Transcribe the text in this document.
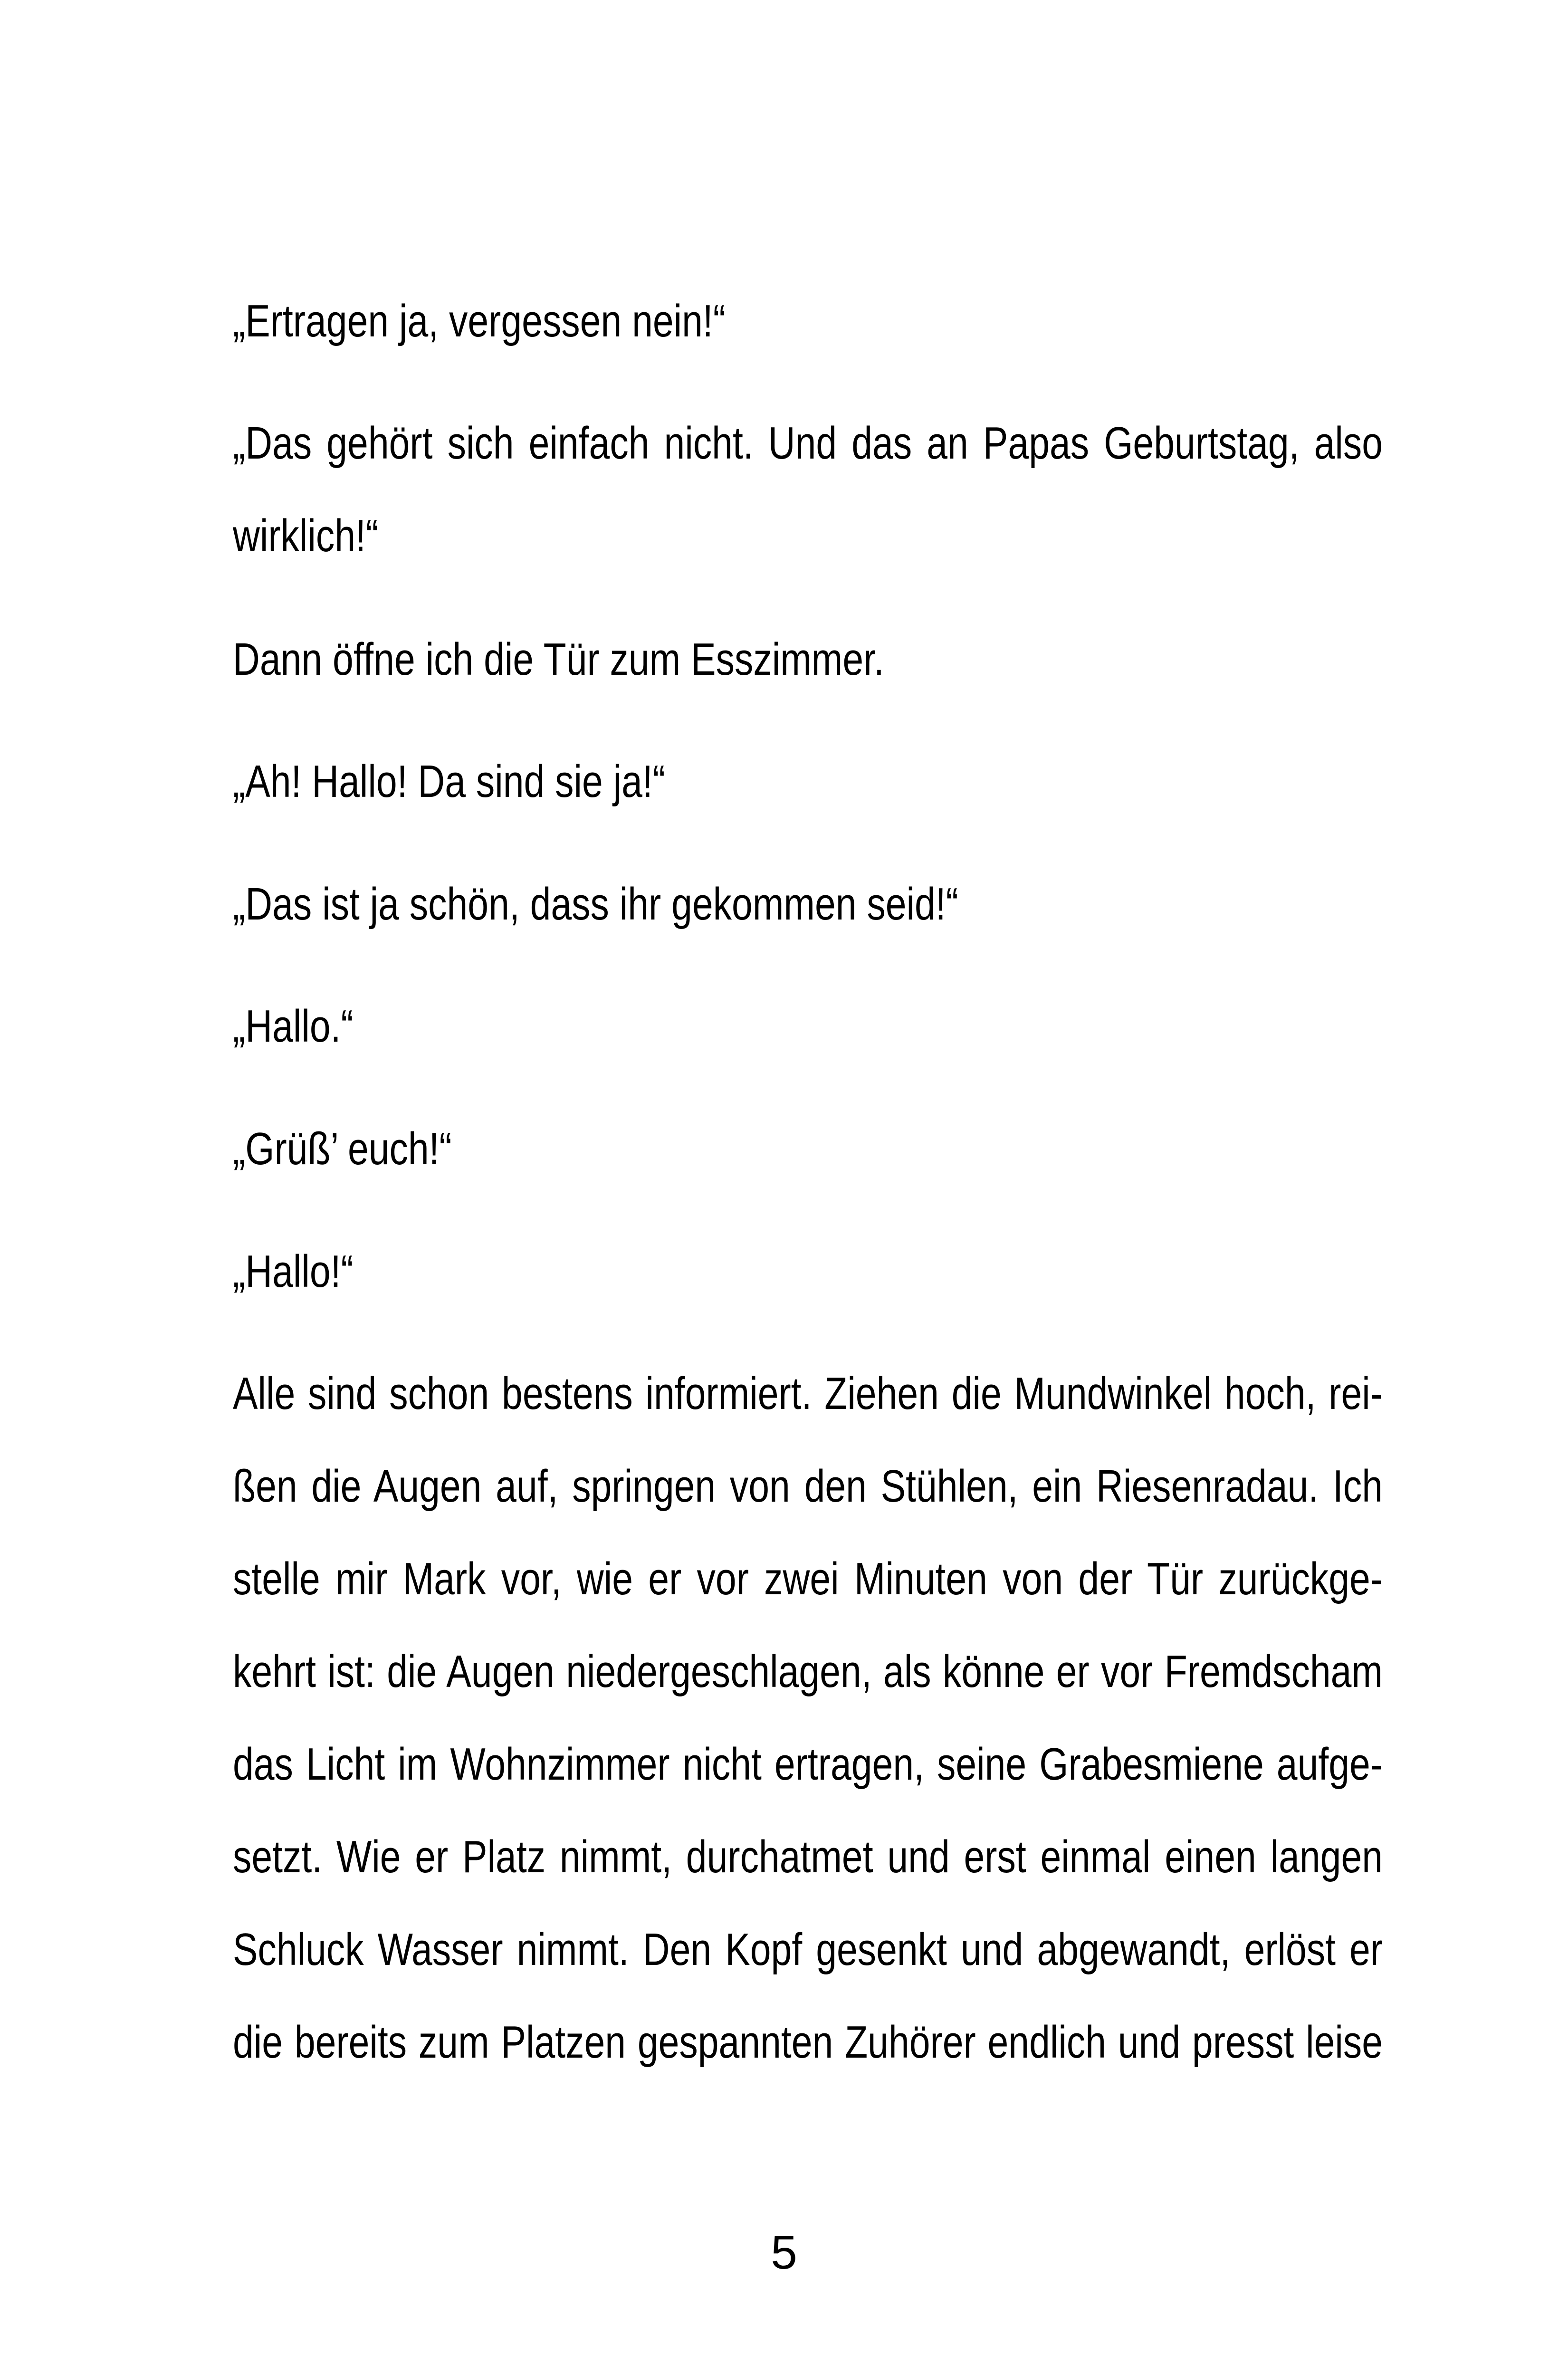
„Ertragen ja, vergessen nein!“

„Das gehört sich einfach nicht. Und das an Papas Geburtstag, also

wirklich!“

Dann öffne ich die Tür zum Esszimmer.

„Ah! Hallo! Da sind sie ja!“

„Das ist ja schön, dass ihr gekommen seid!“

„Hallo.“

„Grüß’ euch!“

„Hallo!“

Alle sind schon bestens informiert. Ziehen die Mundwinkel hoch, rei-

ßen die Augen auf, springen von den Stühlen, ein Riesenradau. Ich

stelle mir Mark vor, wie er vor zwei Minuten von der Tür zurückge-

kehrt ist: die Augen niedergeschlagen, als könne er vor Fremdscham

das Licht im Wohnzimmer nicht ertragen, seine Grabesmiene aufge-

setzt. Wie er Platz nimmt, durchatmet und erst einmal einen langen

Schluck Wasser nimmt. Den Kopf gesenkt und abgewandt, erlöst er

die bereits zum Platzen gespannten Zuhörer endlich und presst leise

5
